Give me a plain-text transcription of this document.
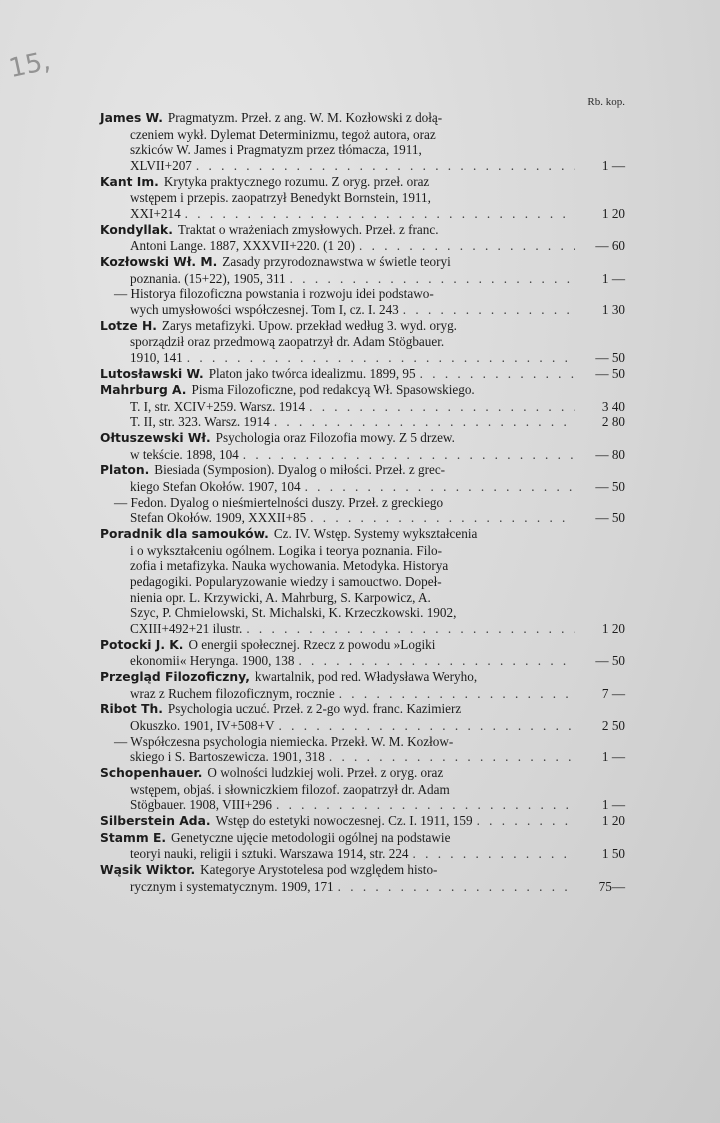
15,
Rb. kop.
James W. Pragmatyzm. Przeł. z ang. W. M. Kozłowski z dołą-
czeniem wykł. Dylemat Determinizmu, tegoż autora, oraz
szkiców W. James i Pragmatyzm przez tłómacza, 1911,
XLVII+207 . . .	1 —
Kant Im. Krytyka praktycznego rozumu. Z oryg. przeł. oraz
wstępem i przepis. zaopatrzył Benedykt Bornstein, 1911,
XXI+214 . . .	1 20
Kondyllak. Traktat o wrażeniach zmysłowych. Przeł. z franc.
Antoni Lange. 1887, XXXVII+220. (1 20) . . .	— 60
Kozłowski Wł. M. Zasady przyrodoznawstwa w świetle teoryi
poznania. (15+22), 1905, 311 . . .	1 —
— Historya filozoficzna powstania i rozwoju idei podstawo-
wych umysłowości współczesnej. Tom I, cz. I. 243 . . .	1 30
Lotze H. Zarys metafizyki. Upow. przekład według 3. wyd. oryg.
sporządził oraz przedmową zaopatrzył dr. Adam Stögbauer.
1910, 141 . . .	— 50
Lutosławski W. Platon jako twórca idealizmu. 1899, 95 . . .	— 50
Mahrburg A. Pisma Filozoficzne, pod redakcyą Wł. Spasowskiego.
T. I, str. XCIV+259. Warsz. 1914 . . .	3 40
T. II, str. 323. Warsz. 1914 . . .	2 80
Ołtuszewski Wł. Psychologia oraz Filozofia mowy. Z 5 drzew.
w tekście. 1898, 104 . . .	— 80
Platon. Biesiada (Symposion). Dyalog o miłości. Przeł. z grec-
kiego Stefan Okołów. 1907, 104 . . .	— 50
— Fedon. Dyalog o nieśmiertelności duszy. Przeł. z greckiego
Stefan Okołów. 1909, XXXII+85 . . .	— 50
Poradnik dla samouków. Cz. IV. Wstęp. Systemy wykształcenia
i o wykształceniu ogólnem. Logika i teorya poznania. Filo-
zofia i metafizyka. Nauka wychowania. Metodyka. Historya
pedagogiki. Popularyzowanie wiedzy i samouctwo. Dopeł-
nienia opr. L. Krzywicki, A. Mahrburg, S. Karpowicz, A.
Szyc, P. Chmielowski, St. Michalski, K. Krzeczkowski. 1902,
CXIII+492+21 ilustr. . . .	1 20
Potocki J. K. O energii społecznej. Rzecz z powodu »Logiki
ekonomii« Heryngа. 1900, 138 . . .	— 50
Przegląd Filozoficzny, kwartalnik, pod red. Władysława Weryho,
wraz z Ruchem filozoficznym, rocznie . . .	7 —
Ribot Th. Psychologia uczuć. Przeł. z 2-go wyd. franc. Kazimierz
Okuszko. 1901, IV+508+V . . .	2 50
— Współczesna psychologia niemiecka. Przekł. W. M. Kozłow-
skiego i S. Bartoszewicza. 1901, 318 . . .	1 —
Schopenhauer. O wolności ludzkiej woli. Przeł. z oryg. oraz
wstępem, objaś. i słowniczkiem filozof. zaopatrzył dr. Adam
Stögbauer. 1908, VIII+296 . . .	1 —
Silberstein Ada. Wstęp do estetyki nowoczesnej. Cz. I. 1911, 159 . . .	1 20
Stamm E. Genetyczne ujęcie metodologii ogólnej na podstawie
teoryi nauki, religii i sztuki. Warszawa 1914, str. 224 . . .	1 50
Wąsik Wiktor. Kategorye Arystotelesa pod względem histo-
rycznym i systematycznym. 1909, 171 . . .	75—
